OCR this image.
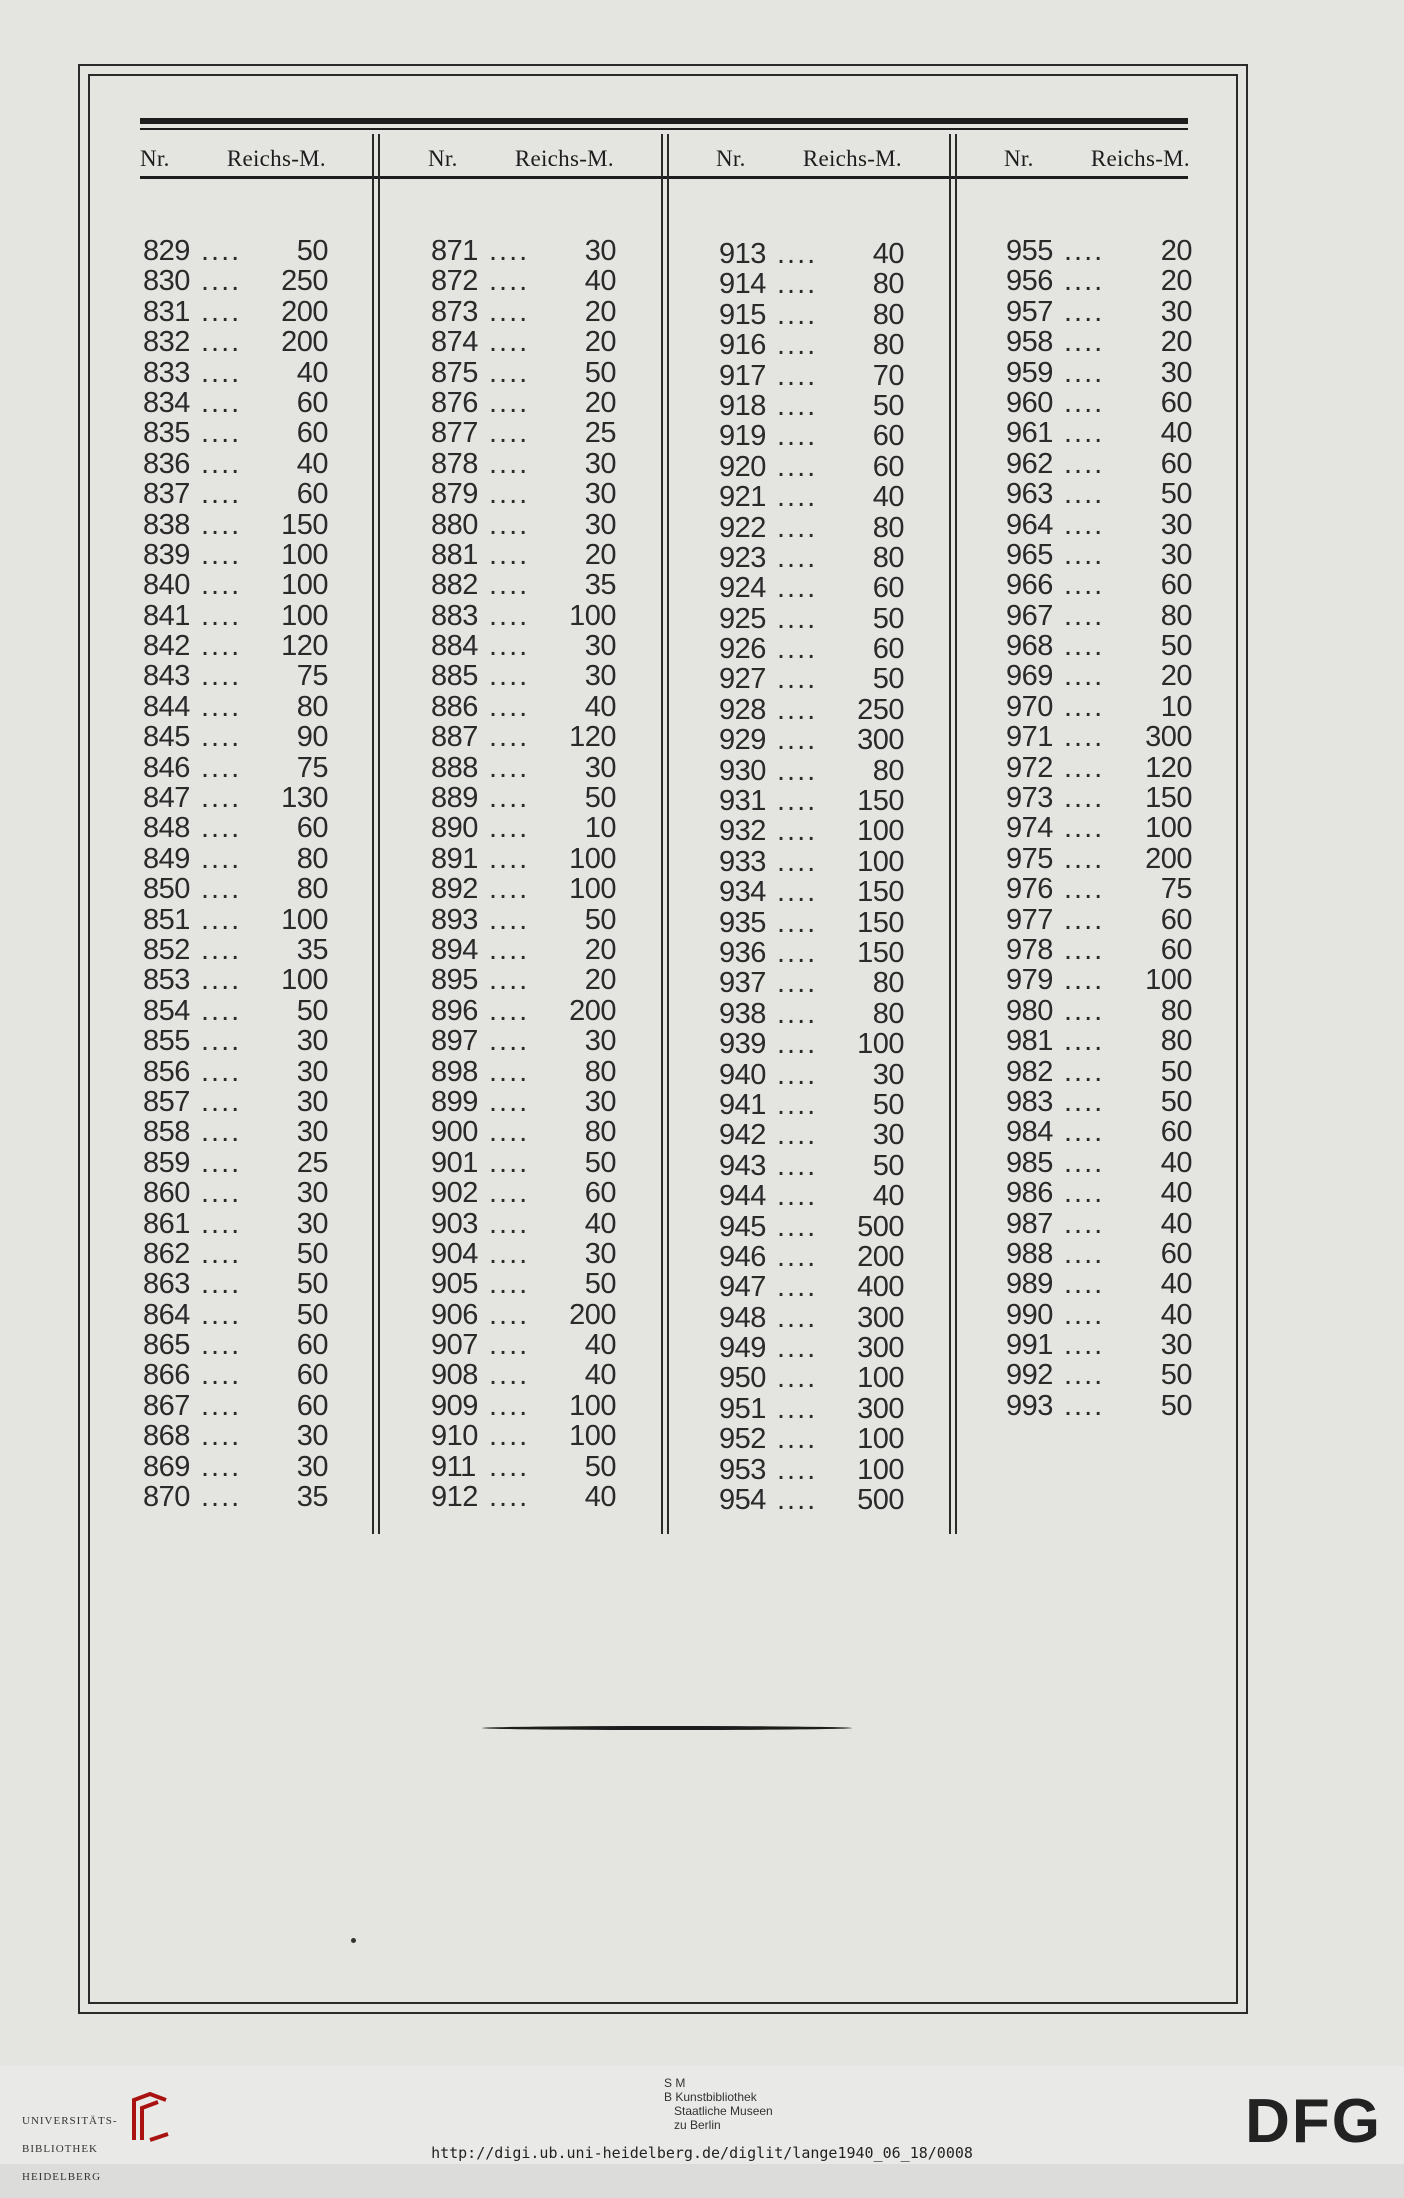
Nr. Reichs-M.	Nr. Reichs-M.	Nr. Reichs-M.	Nr. Reichs-M.
829 .... 50
830 .... 250
831 .... 200
832 .... 200
833 .... 40
834 .... 60
835 .... 60
836 .... 40
837 .... 60
838 .... 150
839 .... 100
840 .... 100
841 .... 100
842 .... 120
843 .... 75
844 .... 80
845 .... 90
846 .... 75
847 .... 130
848 .... 60
849 .... 80
850 .... 80
851 .... 100
852 .... 35
853 .... 100
854 .... 50
855 .... 30
856 .... 30
857 .... 30
858 .... 30
859 .... 25
860 .... 30
861 .... 30
862 .... 50
863 .... 50
864 .... 50
865 .... 60
866 .... 60
867 .... 60
868 .... 30
869 .... 30
870 .... 35
871 .... 30
872 .... 40
873 .... 20
874 .... 20
875 .... 50
876 .... 20
877 .... 25
878 .... 30
879 .... 30
880 .... 30
881 .... 20
882 .... 35
883 .... 100
884 .... 30
885 .... 30
886 .... 40
887 .... 120
888 .... 30
889 .... 50
890 .... 10
891 .... 100
892 .... 100
893 .... 50
894 .... 20
895 .... 20
896 .... 200
897 .... 30
898 .... 80
899 .... 30
900 .... 80
901 .... 50
902 .... 60
903 .... 40
904 .... 30
905 .... 50
906 .... 200
907 .... 40
908 .... 40
909 .... 100
910 .... 100
911 .... 50
912 .... 40
913 .... 40
914 .... 80
915 .... 80
916 .... 80
917 .... 70
918 .... 50
919 .... 60
920 .... 60
921 .... 40
922 .... 80
923 .... 80
924 .... 60
925 .... 50
926 .... 60
927 .... 50
928 .... 250
929 .... 300
930 .... 80
931 .... 150
932 .... 100
933 .... 100
934 .... 150
935 .... 150
936 .... 150
937 .... 80
938 .... 80
939 .... 100
940 .... 30
941 .... 50
942 .... 30
943 .... 50
944 .... 40
945 .... 500
946 .... 200
947 .... 400
948 .... 300
949 .... 300
950 .... 100
951 .... 300
952 .... 100
953 .... 100
954 .... 500
955 .... 20
956 .... 20
957 .... 30
958 .... 20
959 .... 30
960 .... 60
961 .... 40
962 .... 60
963 .... 50
964 .... 30
965 .... 30
966 .... 60
967 .... 80
968 .... 50
969 .... 20
970 .... 10
971 .... 300
972 .... 120
973 .... 150
974 .... 100
975 .... 200
976 .... 75
977 .... 60
978 .... 60
979 .... 100
980 .... 80
981 .... 80
982 .... 50
983 .... 50
984 .... 60
985 .... 40
986 .... 40
987 .... 40
988 .... 60
989 .... 40
990 .... 40
991 .... 30
992 .... 50
993 .... 50

UNIVERSITÄTS-

BIBLIOTHEK

HEIDELBERG

S M
B Kunstbibliothek
Staatliche Museen
zu Berlin	DFG
http://digi.ub.uni-heidelberg.de/diglit/lange1940_06_18/0008
